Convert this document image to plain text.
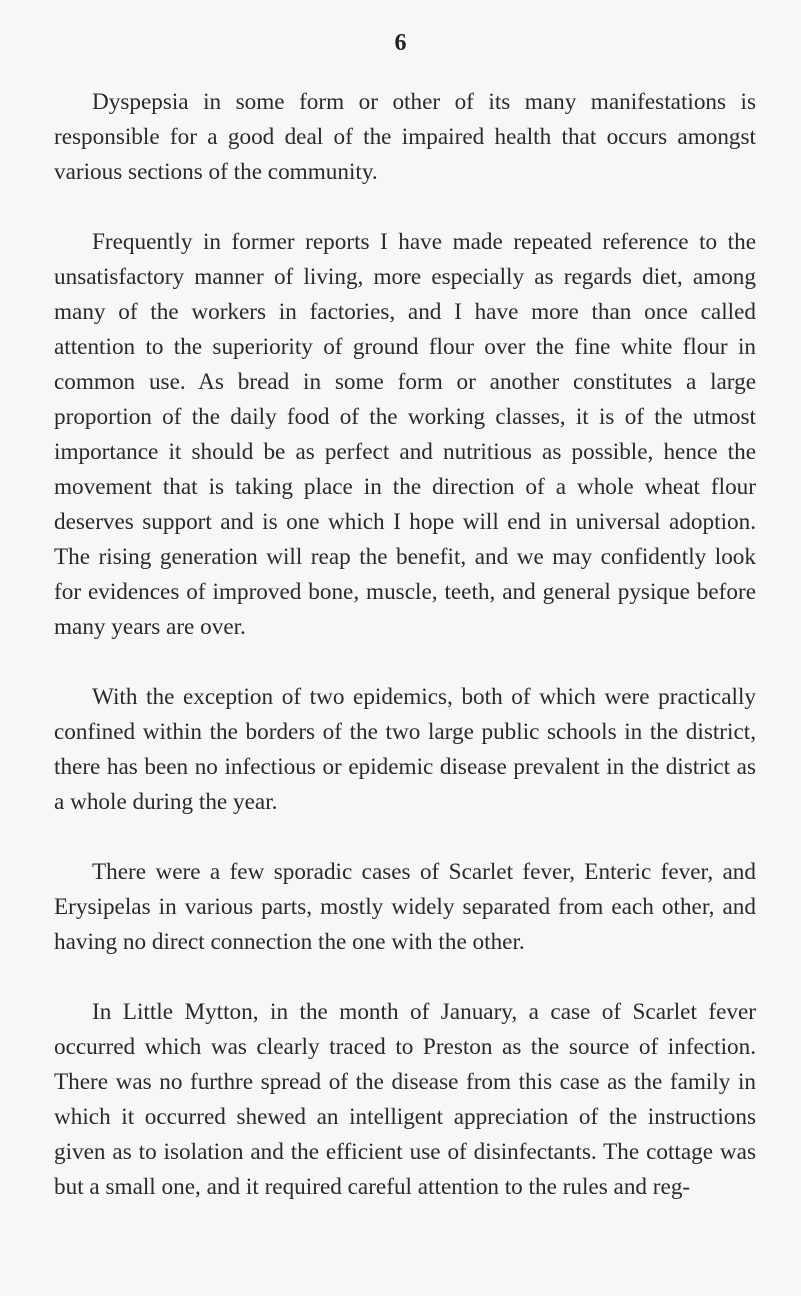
6

Dyspepsia in some form or other of its many manifestations is responsible for a good deal of the impaired health that occurs amongst various sections of the community.

Frequently in former reports I have made repeated reference to the unsatisfactory manner of living, more especially as regards diet, among many of the workers in factories, and I have more than once called attention to the superiority of ground flour over the fine white flour in common use. As bread in some form or another constitutes a large proportion of the daily food of the working classes, it is of the utmost importance it should be as perfect and nutritious as possible, hence the movement that is taking place in the direction of a whole wheat flour deserves support and is one which I hope will end in universal adoption. The rising generation will reap the benefit, and we may confidently look for evidences of improved bone, muscle, teeth, and general pysique before many years are over.

With the exception of two epidemics, both of which were practically confined within the borders of the two large public schools in the district, there has been no infectious or epidemic disease prevalent in the district as a whole during the year.

There were a few sporadic cases of Scarlet fever, Enteric fever, and Erysipelas in various parts, mostly widely separated from each other, and having no direct connection the one with the other.

In Little Mytton, in the month of January, a case of Scarlet fever occurred which was clearly traced to Preston as the source of infection. There was no furthre spread of the disease from this case as the family in which it occurred shewed an intelligent appreciation of the instructions given as to isolation and the efficient use of disinfectants. The cottage was but a small one, and it required careful attention to the rules and reg-
